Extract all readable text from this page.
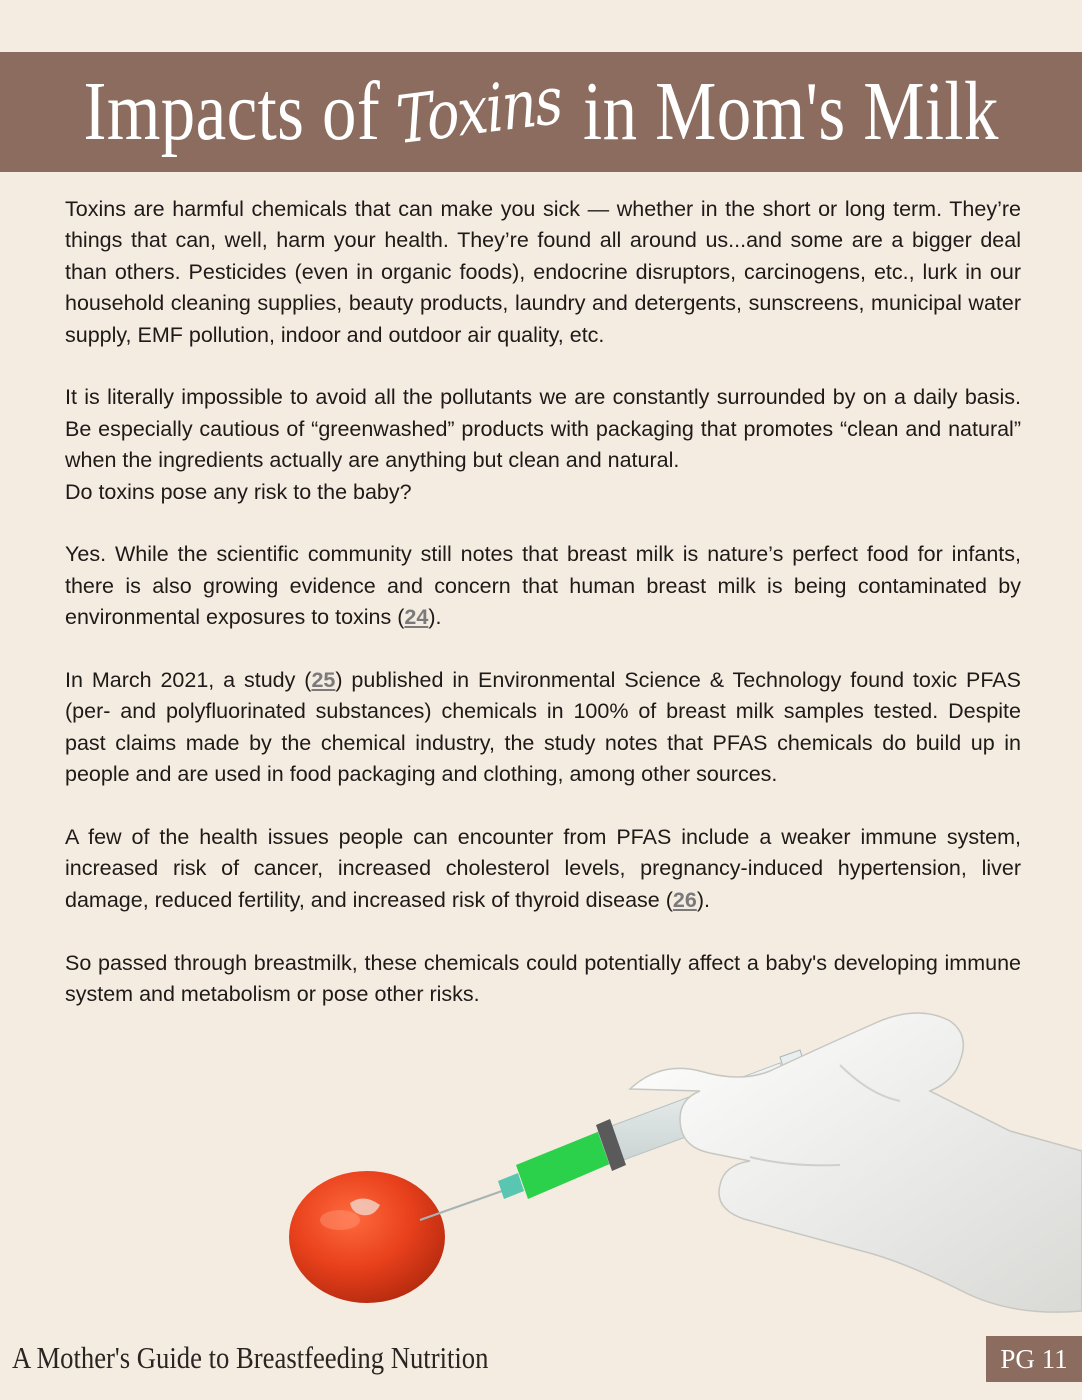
Impacts of Toxins in Mom's Milk

Toxins are harmful chemicals that can make you sick — whether in the short or long term. They’re things that can, well, harm your health. They’re found all around us...and some are a bigger deal than others. Pesticides (even in organic foods), endocrine disruptors, carcinogens, etc., lurk in our household cleaning supplies, beauty products, laundry and detergents, sunscreens, municipal water supply, EMF pollution, indoor and outdoor air quality, etc.

It is literally impossible to avoid all the pollutants we are constantly surrounded by on a daily basis. Be especially cautious of “greenwashed” products with packaging that promotes “clean and natural” when the ingredients actually are anything but clean and natural.

Do toxins pose any risk to the baby?

Yes. While the scientific community still notes that breast milk is nature’s perfect food for infants, there is also growing evidence and concern that human breast milk is being contaminated by environmental exposures to toxins (24).

In March 2021, a study (25) published in Environmental Science & Technology found toxic PFAS (per- and polyfluorinated substances) chemicals in 100% of breast milk samples tested. Despite past claims made by the chemical industry, the study notes that PFAS chemicals do build up in people and are used in food packaging and clothing, among other sources.

A few of the health issues people can encounter from PFAS include a weaker immune system, increased risk of cancer, increased cholesterol levels, pregnancy-induced hypertension, liver damage, reduced fertility, and increased risk of thyroid disease (26).

So passed through breastmilk, these chemicals could potentially affect a baby's developing immune system and metabolism or pose other risks.

A Mother's Guide to Breastfeeding Nutrition	PG 11
